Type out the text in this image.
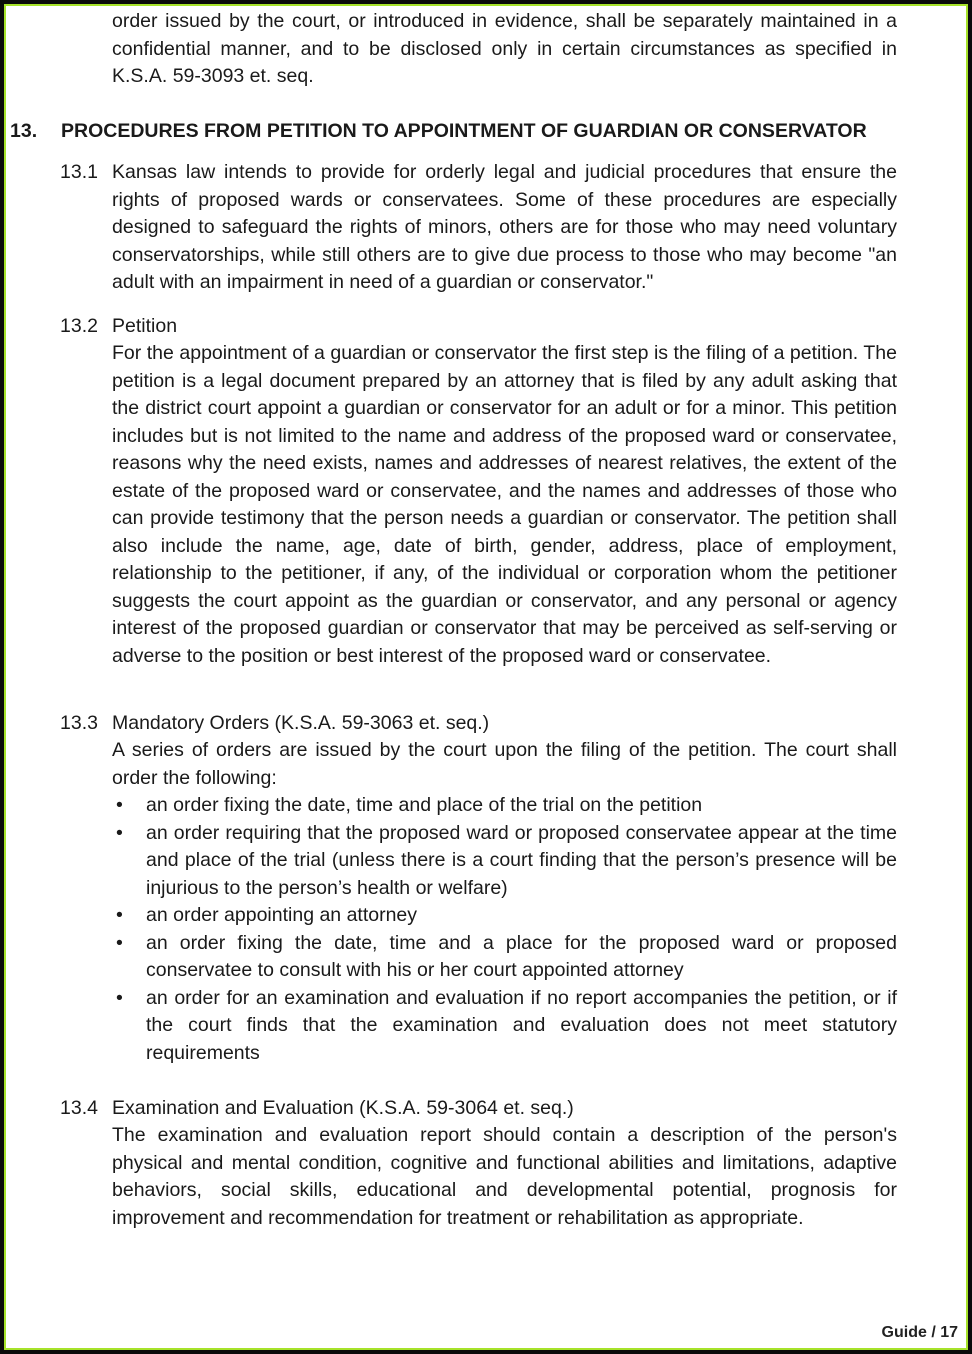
order issued by the court, or introduced in evidence, shall be separately maintained in a confidential manner, and to be disclosed only in certain circumstances as specified in K.S.A. 59-3093 et. seq.
13. PROCEDURES FROM PETITION TO APPOINTMENT OF GUARDIAN OR CONSERVATOR
13.1 Kansas law intends to provide for orderly legal and judicial procedures that ensure the rights of proposed wards or conservatees. Some of these procedures are especially designed to safeguard the rights of minors, others are for those who may need voluntary conservatorships, while still others are to give due process to those who may become "an adult with an impairment in need of a guardian or conservator."
13.2 Petition
For the appointment of a guardian or conservator the first step is the filing of a petition. The petition is a legal document prepared by an attorney that is filed by any adult asking that the district court appoint a guardian or conservator for an adult or for a minor. This petition includes but is not limited to the name and address of the proposed ward or conservatee, reasons why the need exists, names and addresses of nearest relatives, the extent of the estate of the proposed ward or conservatee, and the names and addresses of those who can provide testimony that the person needs a guardian or conservator. The petition shall also include the name, age, date of birth, gender, address, place of employment, relationship to the petitioner, if any, of the individual or corporation whom the petitioner suggests the court appoint as the guardian or conservator, and any personal or agency interest of the proposed guardian or conservator that may be perceived as self-serving or adverse to the position or best interest of the proposed ward or conservatee.
13.3 Mandatory Orders (K.S.A. 59-3063 et. seq.)
A series of orders are issued by the court upon the filing of the petition. The court shall order the following:
• an order fixing the date, time and place of the trial on the petition
• an order requiring that the proposed ward or proposed conservatee appear at the time and place of the trial (unless there is a court finding that the person’s presence will be injurious to the person’s health or welfare)
• an order appointing an attorney
• an order fixing the date, time and a place for the proposed ward or proposed conservatee to consult with his or her court appointed attorney
• an order for an examination and evaluation if no report accompanies the petition, or if the court finds that the examination and evaluation does not meet statutory requirements
13.4 Examination and Evaluation (K.S.A. 59-3064 et. seq.)
The examination and evaluation report should contain a description of the person's physical and mental condition, cognitive and functional abilities and limitations, adaptive behaviors, social skills, educational and developmental potential, prognosis for improvement and recommendation for treatment or rehabilitation as appropriate.
Guide / 17
